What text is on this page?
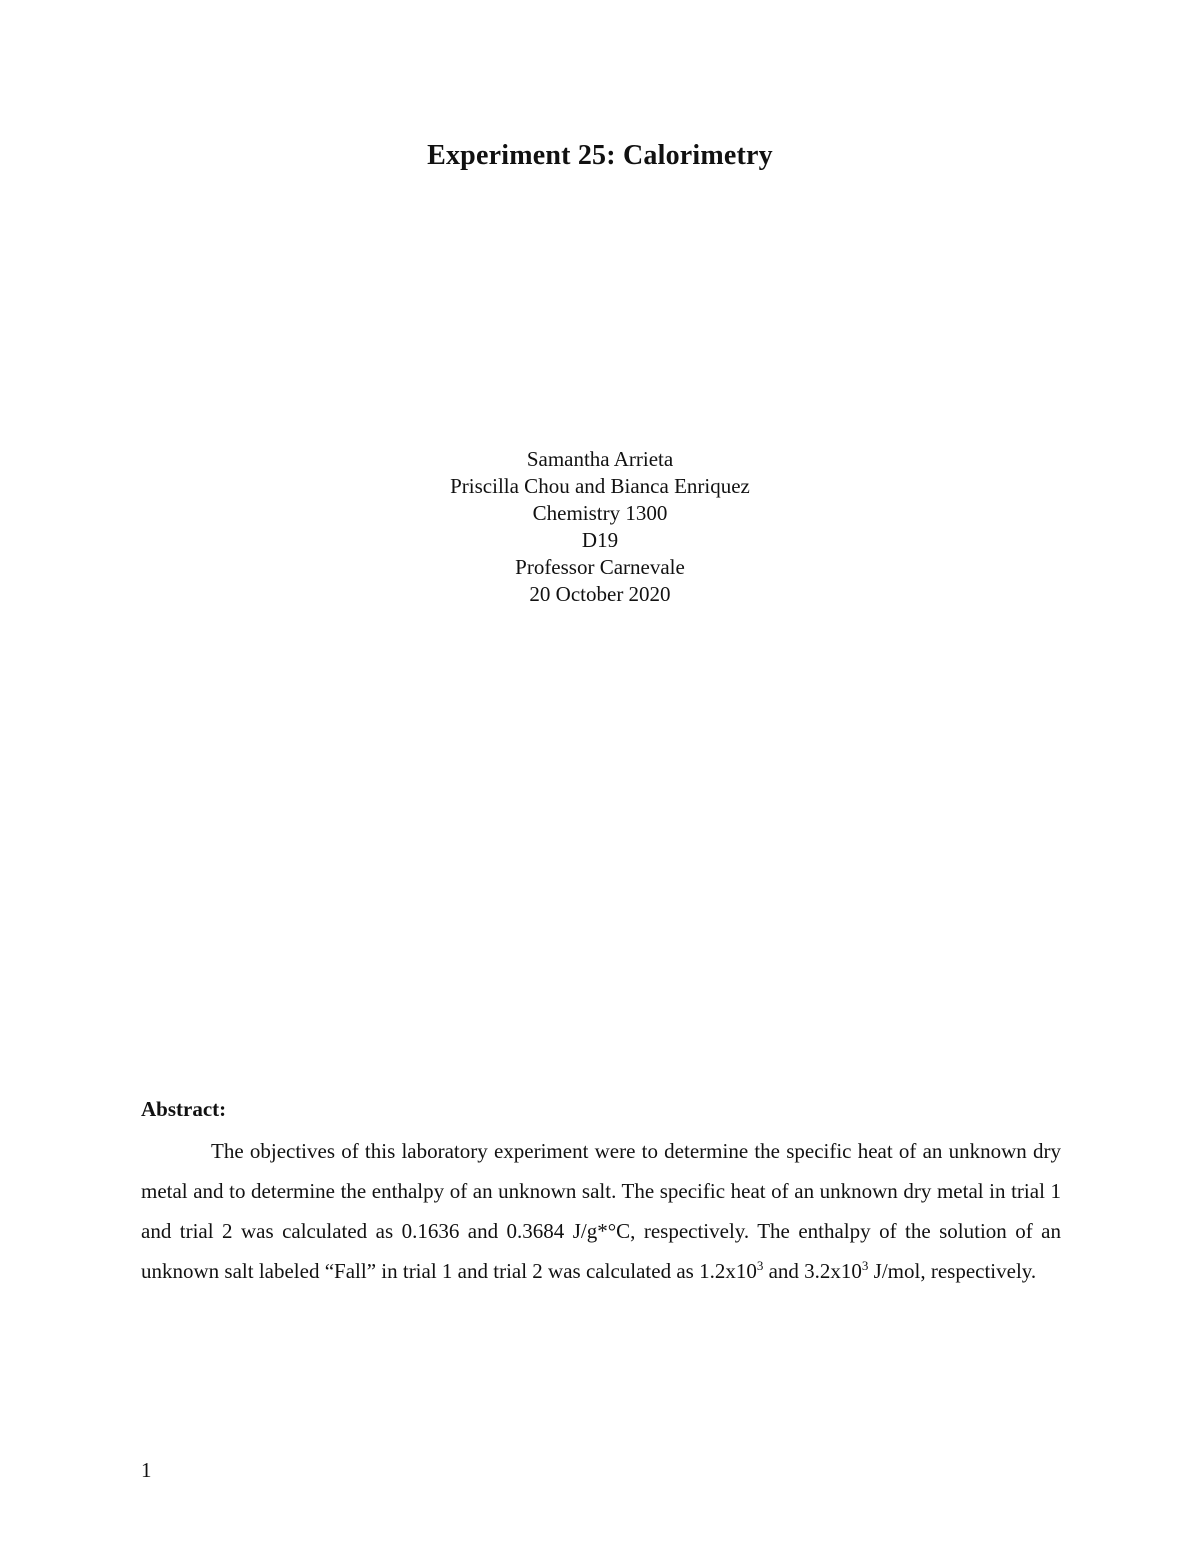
Experiment 25: Calorimetry
Samantha Arrieta
Priscilla Chou and Bianca Enriquez
Chemistry 1300
D19
Professor Carnevale
20 October 2020
Abstract:
The objectives of this laboratory experiment were to determine the specific heat of an unknown dry metal and to determine the enthalpy of an unknown salt. The specific heat of an unknown dry metal in trial 1 and trial 2 was calculated as 0.1636 and 0.3684 J/g*°C, respectively. The enthalpy of the solution of an unknown salt labeled “Fall” in trial 1 and trial 2 was calculated as $1.2x10^3$ and $3.2x10^3$ J/mol, respectively.
1
